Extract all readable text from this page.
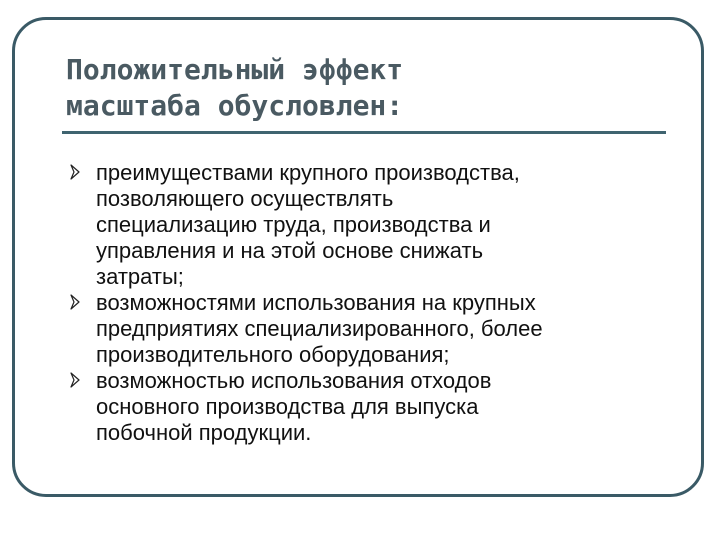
Положительный эффект
масштаба обусловлен:
преимуществами крупного производства,
позволяющего осуществлять
специализацию труда, производства и
управления и на этой основе снижать
затраты;
возможностями использования на крупных
предприятиях специализированного, более
производительного оборудования;
возможностью использования отходов
основного производства для выпуска
побочной продукции.
